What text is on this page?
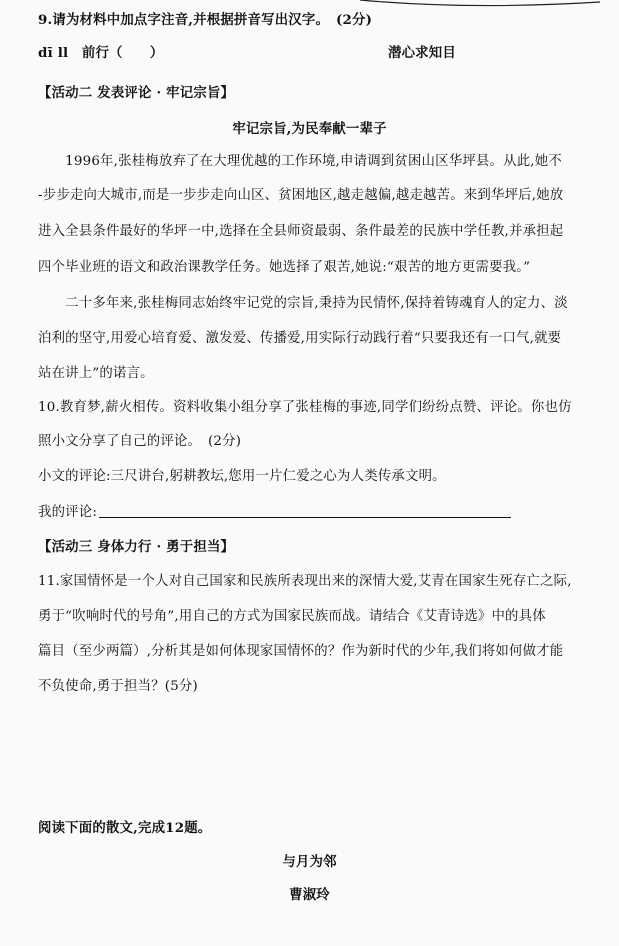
9.请为材料中加点字注音,并根据拼音写出汉字。　(2分)
dī ll　前行（　　）	潜心求知目
【活动二 发表评论 · 牢记宗旨】
牢记宗旨,为民奉献一辈子
　　1996年,张桂梅放弃了在大理优越的工作环境,申请调到贫困山区华坪县。从此,她不
-步步走向大城市,而是一步步走向山区、贫困地区,越走越偏,越走越苦。来到华坪后,她放
进入全县条件最好的华坪一中,选择在全县师资最弱、条件最差的民族中学任教,并承担起
四个毕业班的语文和政治课教学任务。她选择了艰苦,她说:“艰苦的地方更需要我。”
　　二十多年来,张桂梅同志始终牢记党的宗旨,秉持为民情怀,保持着铸魂育人的定力、淡
泊利的坚守,用爱心培育爱、激发爱、传播爱,用实际行动践行着“只要我还有一口气,就要
站在讲上”的诺言。
10.教育梦,薪火相传。资料收集小组分享了张桂梅的事迹,同学们纷纷点赞、评论。你也仿
照小文分享了自己的评论。　(2分)
小文的评论:三尺讲台,躬耕教坛,您用一片仁爱之心为人类传承文明。
我的评论:
【活动三 身体力行 · 勇于担当】
11.家国情怀是一个人对自己国家和民族所表现出来的深情大爱,艾青在国家生死存亡之际,
勇于“吹响时代的号角”,用自己的方式为国家民族而战。请结合《艾青诗选》中的具体
篇目（至少两篇）,分析其是如何体现家国情怀的？作为新时代的少年,我们将如何做才能
不负使命,勇于担当？(5分)
阅读下面的散文,完成12题。
与月为邻
曹淑玲
